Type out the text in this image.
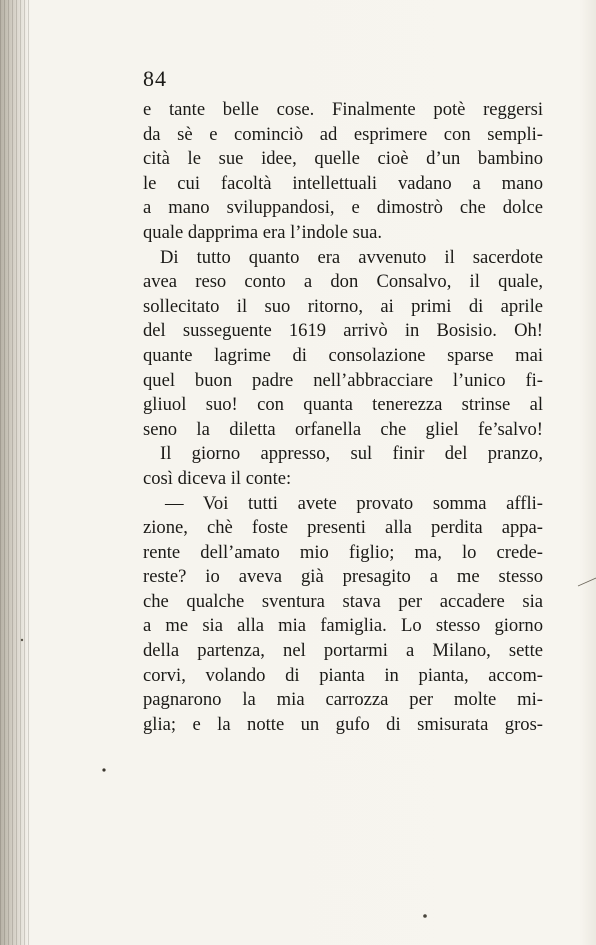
84
e tante belle cose. Finalmente potè reggersi
da sè e cominciò ad esprimere con sempli-
cità le sue idee, quelle cioè d’un bambino
le cui facoltà intellettuali vadano a mano
a mano sviluppandosi, e dimostrò che dolce
quale dapprima era l’indole sua.
Di tutto quanto era avvenuto il sacerdote
avea reso conto a don Consalvo, il quale,
sollecitato il suo ritorno, ai primi di aprile
del susseguente 1619 arrivò in Bosisio. Oh!
quante lagrime di consolazione sparse mai
quel buon padre nell’abbracciare l’unico fi-
gliuol suo! con quanta tenerezza strinse al
seno la diletta orfanella che gliel fe’salvo!
Il giorno appresso, sul finir del pranzo,
così diceva il conte:
— Voi tutti avete provato somma affli-
zione, chè foste presenti alla perdita appa-
rente dell’amato mio figlio; ma, lo crede-
reste? io aveva già presagito a me stesso
che qualche sventura stava per accadere sia
a me sia alla mia famiglia. Lo stesso giorno
della partenza, nel portarmi a Milano, sette
corvi, volando di pianta in pianta, accom-
pagnarono la mia carrozza per molte mi-
glia; e la notte un gufo di smisurata gros-
